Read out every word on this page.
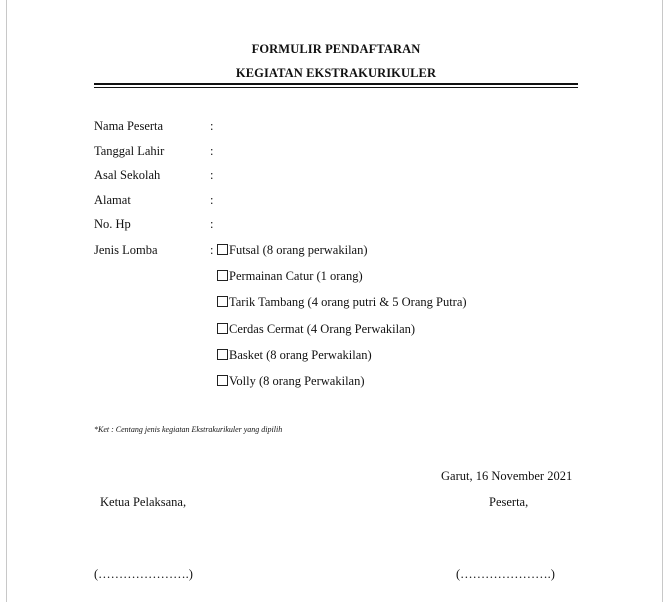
FORMULIR PENDAFTARAN
KEGIATAN EKSTRAKURIKULER
Nama Peserta	:
Tanggal Lahir	:
Asal Sekolah	:
Alamat	:
No. Hp	:
Jenis Lomba	:	Futsal (8 orang perwakilan)
Permainan Catur (1 orang)
Tarik Tambang (4 orang putri & 5 Orang Putra)
Cerdas Cermat (4 Orang Perwakilan)
Basket (8 orang Perwakilan)
Volly (8 orang Perwakilan)
*Ket : Centang jenis kegiatan Ekstrakurikuler yang dipilih
Garut, 16 November 2021
Ketua Pelaksana,	Peserta,
(………………….)	(………………….)
